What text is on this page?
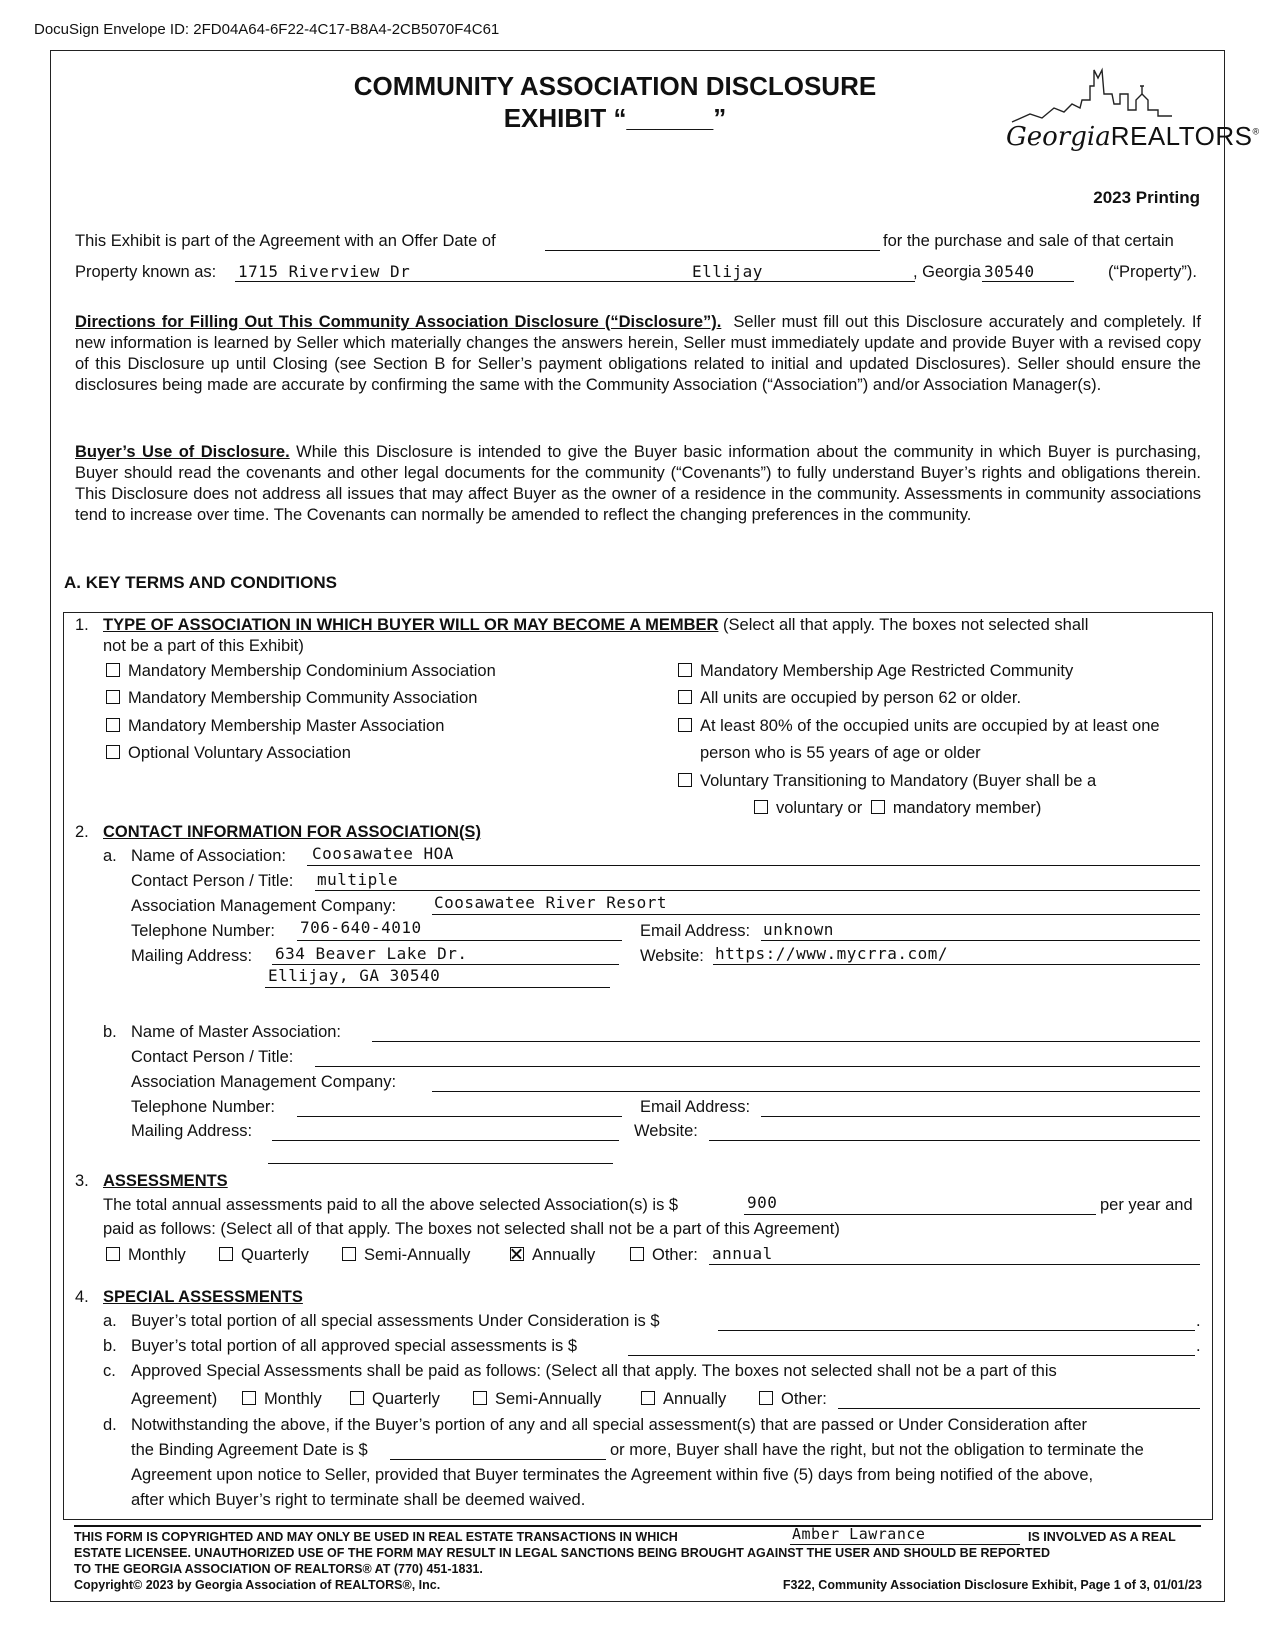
DocuSign Envelope ID: 2FD04A64-6F22-4C17-B8A4-2CB5070F4C61
COMMUNITY ASSOCIATION DISCLOSURE
EXHIBIT “______”
GeorgiaREALTORS®
2023 Printing
This Exhibit is part of the Agreement with an Offer Date of	for the purchase and sale of that certain
Property known as: 1715 Riverview Dr	Ellijay	, Georgia 30540	(“Property”).
Directions for Filling Out This Community Association Disclosure (“Disclosure”). Seller must fill out this Disclosure accurately and completely. If new information is learned by Seller which materially changes the answers herein, Seller must immediately update and provide Buyer with a revised copy of this Disclosure up until Closing (see Section B for Seller’s payment obligations related to initial and updated Disclosures). Seller should ensure the disclosures being made are accurate by confirming the same with the Community Association (“Association”) and/or Association Manager(s).
Buyer’s Use of Disclosure. While this Disclosure is intended to give the Buyer basic information about the community in which Buyer is purchasing, Buyer should read the covenants and other legal documents for the community (“Covenants”) to fully understand Buyer’s rights and obligations therein. This Disclosure does not address all issues that may affect Buyer as the owner of a residence in the community. Assessments in community associations tend to increase over time. The Covenants can normally be amended to reflect the changing preferences in the community.
A. KEY TERMS AND CONDITIONS
1. TYPE OF ASSOCIATION IN WHICH BUYER WILL OR MAY BECOME A MEMBER (Select all that apply. The boxes not selected shall
not be a part of this Exhibit)
Mandatory Membership Condominium Association
Mandatory Membership Community Association
Mandatory Membership Master Association
Optional Voluntary Association
Mandatory Membership Age Restricted Community
All units are occupied by person 62 or older.
At least 80% of the occupied units are occupied by at least one
person who is 55 years of age or older
Voluntary Transitioning to Mandatory (Buyer shall be a
voluntary or mandatory member)
2. CONTACT INFORMATION FOR ASSOCIATION(S)
a. Name of Association: Coosawatee HOA
Contact Person / Title: multiple
Association Management Company: Coosawatee River Resort
Telephone Number: 706-640-4010	Email Address: unknown
Mailing Address: 634 Beaver Lake Dr.
Ellijay, GA 30540
Website: https://www.mycrra.com/
b. Name of Master Association:
Contact Person / Title:
Association Management Company:
Telephone Number:	Email Address:
Mailing Address:	Website:
3. ASSESSMENTS
The total annual assessments paid to all the above selected Association(s) is $	900	per year and
paid as follows: (Select all of that apply. The boxes not selected shall not be a part of this Agreement)
Monthly	Quarterly	Semi-Annually	Annually	Other: annual
4. SPECIAL ASSESSMENTS
a. Buyer’s total portion of all special assessments Under Consideration is $	.
b. Buyer’s total portion of all approved special assessments is $	.
c. Approved Special Assessments shall be paid as follows: (Select all that apply. The boxes not selected shall not be a part of this
Agreement)	Monthly	Quarterly	Semi-Annually	Annually	Other:
d. Notwithstanding the above, if the Buyer’s portion of any and all special assessment(s) that are passed or Under Consideration after
the Binding Agreement Date is $	or more, Buyer shall have the right, but not the obligation to terminate the
Agreement upon notice to Seller, provided that Buyer terminates the Agreement within five (5) days from being notified of the above,
after which Buyer’s right to terminate shall be deemed waived.
THIS FORM IS COPYRIGHTED AND MAY ONLY BE USED IN REAL ESTATE TRANSACTIONS IN WHICH	Amber Lawrance	IS INVOLVED AS A REAL
ESTATE LICENSEE. UNAUTHORIZED USE OF THE FORM MAY RESULT IN LEGAL SANCTIONS BEING BROUGHT AGAINST THE USER AND SHOULD BE REPORTED
TO THE GEORGIA ASSOCIATION OF REALTORS® AT (770) 451-1831.
Copyright© 2023 by Georgia Association of REALTORS®, Inc.	F322, Community Association Disclosure Exhibit, Page 1 of 3, 01/01/23
